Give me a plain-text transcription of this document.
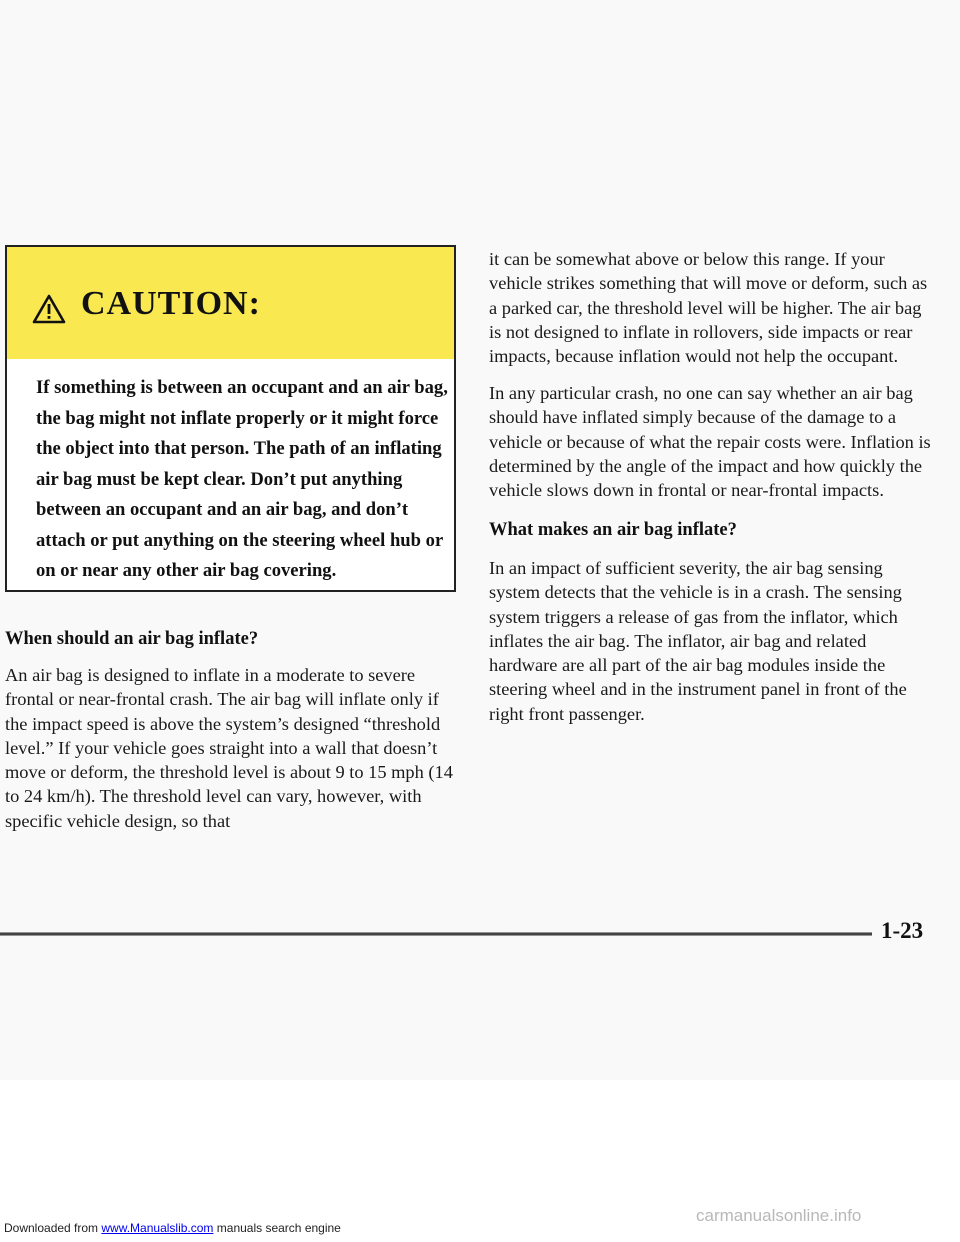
CAUTION:

If something is between an occupant and an air bag, the bag might not inflate properly or it might force the object into that person. The path of an inflating air bag must be kept clear. Don’t put anything between an occupant and an air bag, and don’t attach or put anything on the steering wheel hub or on or near any other air bag covering.

When should an air bag inflate?

An air bag is designed to inflate in a moderate to severe frontal or near-frontal crash. The air bag will inflate only if the impact speed is above the system’s designed “threshold level.” If your vehicle goes straight into a wall that doesn’t move or deform, the threshold level is about 9 to 15 mph (14 to 24 km/h). The threshold level can vary, however, with specific vehicle design, so that

it can be somewhat above or below this range. If your vehicle strikes something that will move or deform, such as a parked car, the threshold level will be higher. The air bag is not designed to inflate in rollovers, side impacts or rear impacts, because inflation would not help the occupant.

In any particular crash, no one can say whether an air bag should have inflated simply because of the damage to a vehicle or because of what the repair costs were. Inflation is determined by the angle of the impact and how quickly the vehicle slows down in frontal or near-frontal impacts.

What makes an air bag inflate?

In an impact of sufficient severity, the air bag sensing system detects that the vehicle is in a crash. The sensing system triggers a release of gas from the inflator, which inflates the air bag. The inflator, air bag and related hardware are all part of the air bag modules inside the steering wheel and in the instrument panel in front of the right front passenger.

1-23
Downloaded from www.Manualslib.com manuals search engine
carmanualsonline.info
